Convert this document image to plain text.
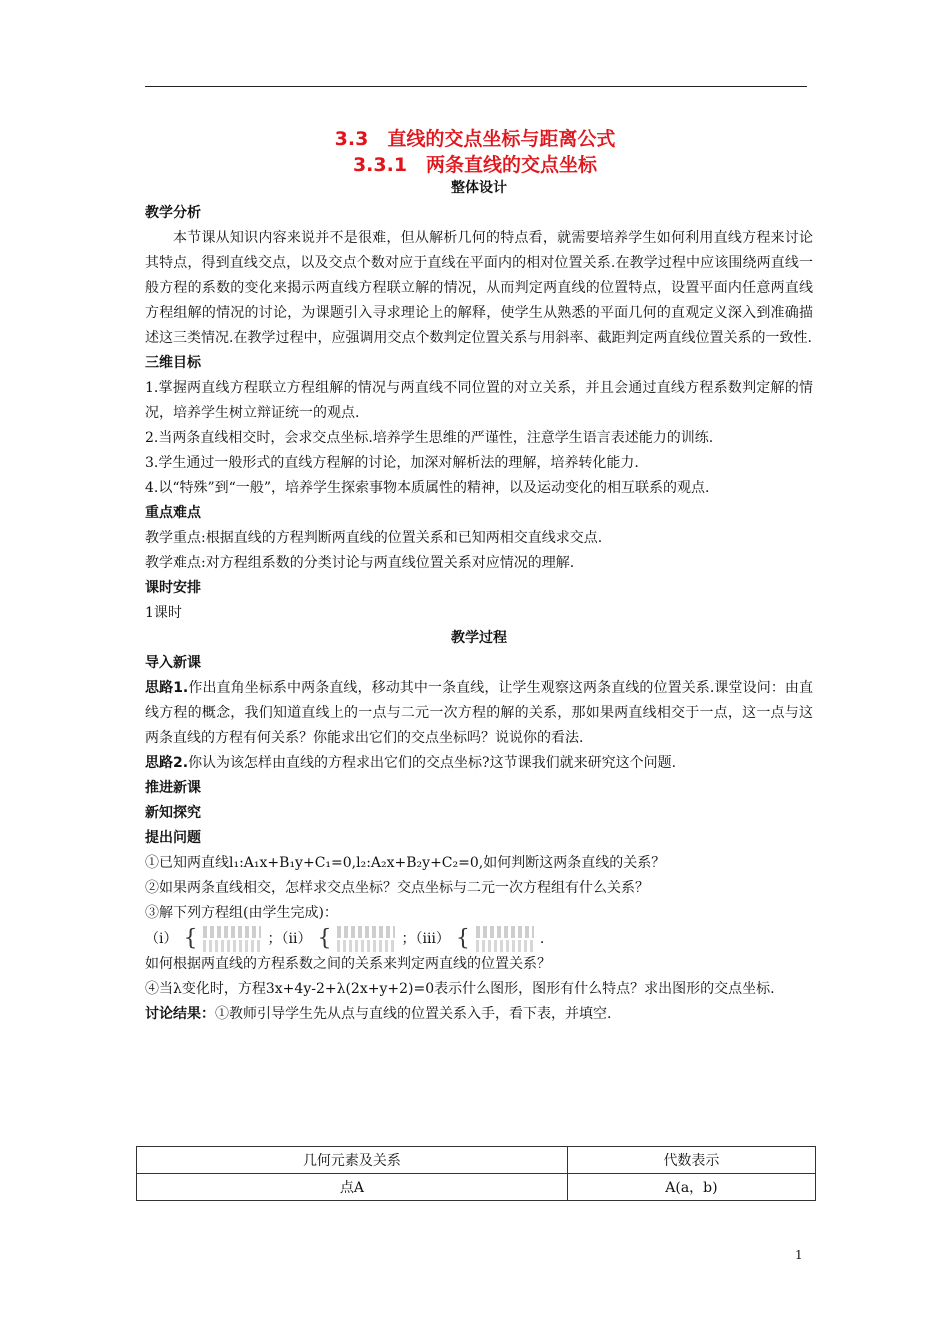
3.3　直线的交点坐标与距离公式
3.3.1　两条直线的交点坐标
整体设计
教学分析

本节课从知识内容来说并不是很难，但从解析几何的特点看，就需要培养学生如何利用直线方程来讨论其特点，得到直线交点，以及交点个数对应于直线在平面内的相对位置关系.在教学过程中应该围绕两直线一般方程的系数的变化来揭示两直线方程联立解的情况，从而判定两直线的位置特点，设置平面内任意两直线方程组解的情况的讨论，为课题引入寻求理论上的解释，使学生从熟悉的平面几何的直观定义深入到准确描述这三类情况.在教学过程中，应强调用交点个数判定位置关系与用斜率、截距判定两直线位置关系的一致性.

三维目标

1.掌握两直线方程联立方程组解的情况与两直线不同位置的对立关系，并且会通过直线方程系数判定解的情况，培养学生树立辩证统一的观点.

2.当两条直线相交时，会求交点坐标.培养学生思维的严谨性，注意学生语言表述能力的训练.

3.学生通过一般形式的直线方程解的讨论，加深对解析法的理解，培养转化能力.

4.以“特殊”到“一般”，培养学生探索事物本质属性的精神，以及运动变化的相互联系的观点.

重点难点

教学重点:根据直线的方程判断两直线的位置关系和已知两相交直线求交点.

教学难点:对方程组系数的分类讨论与两直线位置关系对应情况的理解.

课时安排

1课时

教学过程
导入新课

思路1.作出直角坐标系中两条直线，移动其中一条直线，让学生观察这两条直线的位置关系.课堂设问：由直线方程的概念，我们知道直线上的一点与二元一次方程的解的关系，那如果两直线相交于一点，这一点与这两条直线的方程有何关系？你能求出它们的交点坐标吗？说说你的看法.

思路2.你认为该怎样由直线的方程求出它们的交点坐标?这节课我们就来研究这个问题.

推进新课
新知探究
提出问题

①已知两直线l₁:A₁x+B₁y+C₁=0,l₂:A₂x+B₂y+C₂=0,如何判断这两条直线的关系？

②如果两条直线相交，怎样求交点坐标？交点坐标与二元一次方程组有什么关系？

③解下列方程组(由学生完成)：

（ⅰ） {	；（ⅱ） {	；（ⅲ） {	.

如何根据两直线的方程系数之间的关系来判定两直线的位置关系？

④当λ变化时，方程3x+4y-2+λ(2x+y+2)=0表示什么图形，图形有什么特点？求出图形的交点坐标.

讨论结果：①教师引导学生先从点与直线的位置关系入手，看下表，并填空.

几何元素及关系	代数表示
点A	A(a，b)
1
